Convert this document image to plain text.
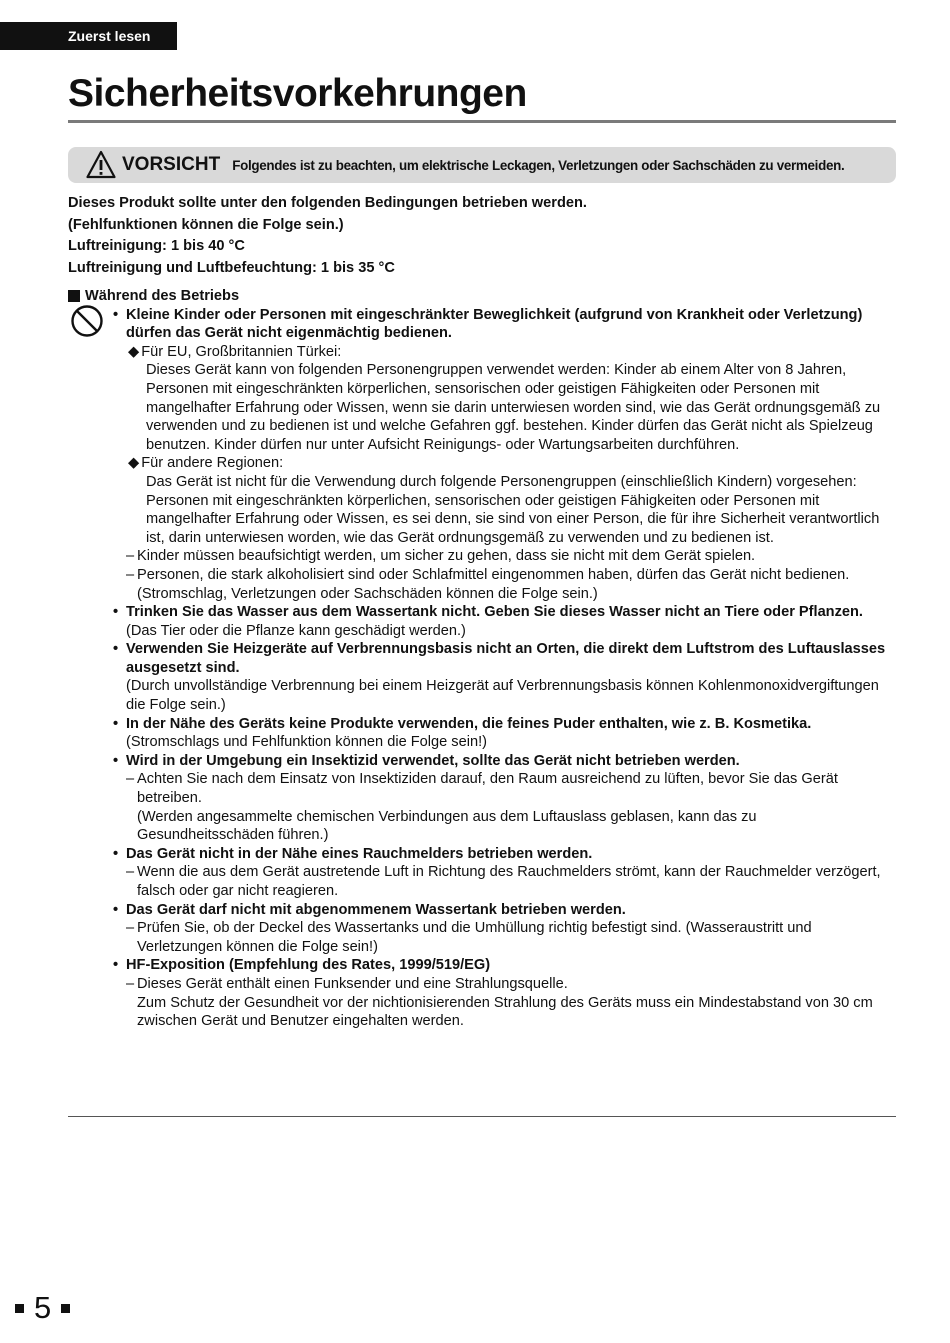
Zuerst lesen
Sicherheitsvorkehrungen
VORSICHT Folgendes ist zu beachten, um elektrische Leckagen, Verletzungen oder Sachschäden zu vermeiden.
Dieses Produkt sollte unter den folgenden Bedingungen betrieben werden.
(Fehlfunktionen können die Folge sein.)
Luftreinigung: 1 bis 40 °C
Luftreinigung und Luftbefeuchtung: 1 bis 35 °C
Während des Betriebs
• Kleine Kinder oder Personen mit eingeschränkter Beweglichkeit (aufgrund von Krankheit oder Verletzung) dürfen das Gerät nicht eigenmächtig bedienen.
◆ Für EU, Großbritannien Türkei:
Dieses Gerät kann von folgenden Personengruppen verwendet werden: Kinder ab einem Alter von 8 Jahren, Personen mit eingeschränkten körperlichen, sensorischen oder geistigen Fähigkeiten oder Personen mit mangelhafter Erfahrung oder Wissen, wenn sie darin unterwiesen worden sind, wie das Gerät ordnungsgemäß zu verwenden und zu bedienen ist und welche Gefahren ggf. bestehen. Kinder dürfen das Gerät nicht als Spielzeug benutzen. Kinder dürfen nur unter Aufsicht Reinigungs- oder Wartungsarbeiten durchführen.
◆ Für andere Regionen:
Das Gerät ist nicht für die Verwendung durch folgende Personengruppen (einschließlich Kindern) vorgesehen: Personen mit eingeschränkten körperlichen, sensorischen oder geistigen Fähigkeiten oder Personen mit mangelhafter Erfahrung oder Wissen, es sei denn, sie sind von einer Person, die für ihre Sicherheit verantwortlich ist, darin unterwiesen worden, wie das Gerät ordnungsgemäß zu verwenden und zu bedienen ist.
– Kinder müssen beaufsichtigt werden, um sicher zu gehen, dass sie nicht mit dem Gerät spielen.
– Personen, die stark alkoholisiert sind oder Schlafmittel eingenommen haben, dürfen das Gerät nicht bedienen.
(Stromschlag, Verletzungen oder Sachschäden können die Folge sein.)
• Trinken Sie das Wasser aus dem Wassertank nicht. Geben Sie dieses Wasser nicht an Tiere oder Pflanzen.
(Das Tier oder die Pflanze kann geschädigt werden.)
• Verwenden Sie Heizgeräte auf Verbrennungsbasis nicht an Orten, die direkt dem Luftstrom des Luftauslasses ausgesetzt sind.
(Durch unvollständige Verbrennung bei einem Heizgerät auf Verbrennungsbasis können Kohlenmonoxidvergiftungen die Folge sein.)
• In der Nähe des Geräts keine Produkte verwenden, die feines Puder enthalten, wie z. B. Kosmetika.
(Stromschlags und Fehlfunktion können die Folge sein!)
• Wird in der Umgebung ein Insektizid verwendet, sollte das Gerät nicht betrieben werden.
– Achten Sie nach dem Einsatz von Insektiziden darauf, den Raum ausreichend zu lüften, bevor Sie das Gerät betreiben.
(Werden angesammelte chemischen Verbindungen aus dem Luftauslass geblasen, kann das zu Gesundheitsschäden führen.)
• Das Gerät nicht in der Nähe eines Rauchmelders betrieben werden.
– Wenn die aus dem Gerät austretende Luft in Richtung des Rauchmelders strömt, kann der Rauchmelder verzögert, falsch oder gar nicht reagieren.
• Das Gerät darf nicht mit abgenommenem Wassertank betrieben werden.
– Prüfen Sie, ob der Deckel des Wassertanks und die Umhüllung richtig befestigt sind. (Wasseraustritt und Verletzungen können die Folge sein!)
• HF-Exposition (Empfehlung des Rates, 1999/519/EG)
– Dieses Gerät enthält einen Funksender und eine Strahlungsquelle.
Zum Schutz der Gesundheit vor der nichtionisierenden Strahlung des Geräts muss ein Mindestabstand von 30 cm zwischen Gerät und Benutzer eingehalten werden.
5
